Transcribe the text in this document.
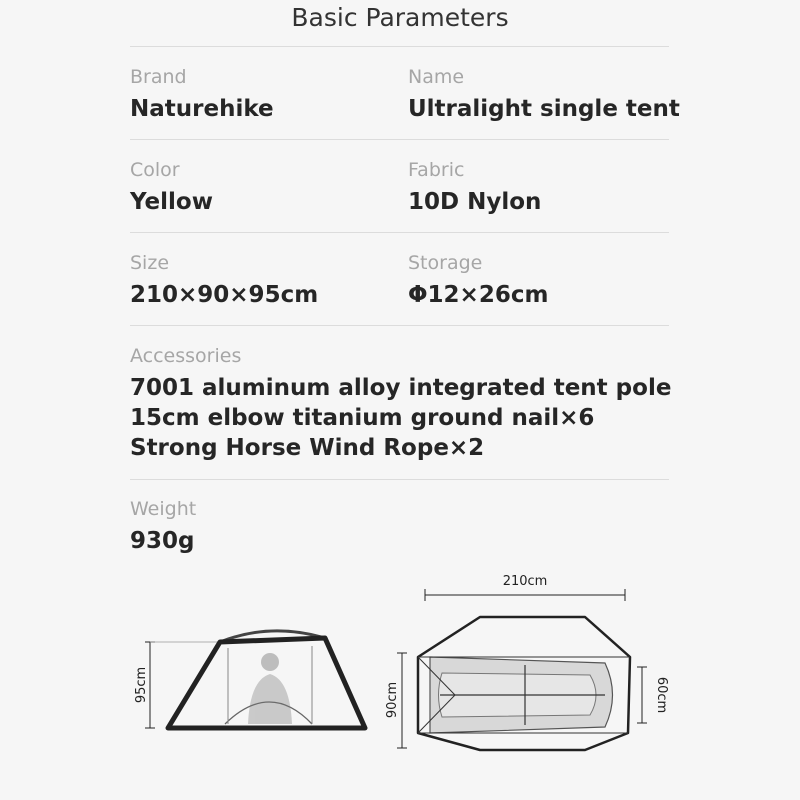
Basic Parameters
Brand
Naturehike
Name
Ultralight single tent
Color
Yellow
Fabric
10D Nylon
Size
210×90×95cm
Storage
Φ12×26cm
Accessories
7001 aluminum alloy integrated tent pole
15cm elbow titanium ground nail×6
Strong Horse Wind Rope×2
Weight
930g
95cm
210cm
90cm	60cm
